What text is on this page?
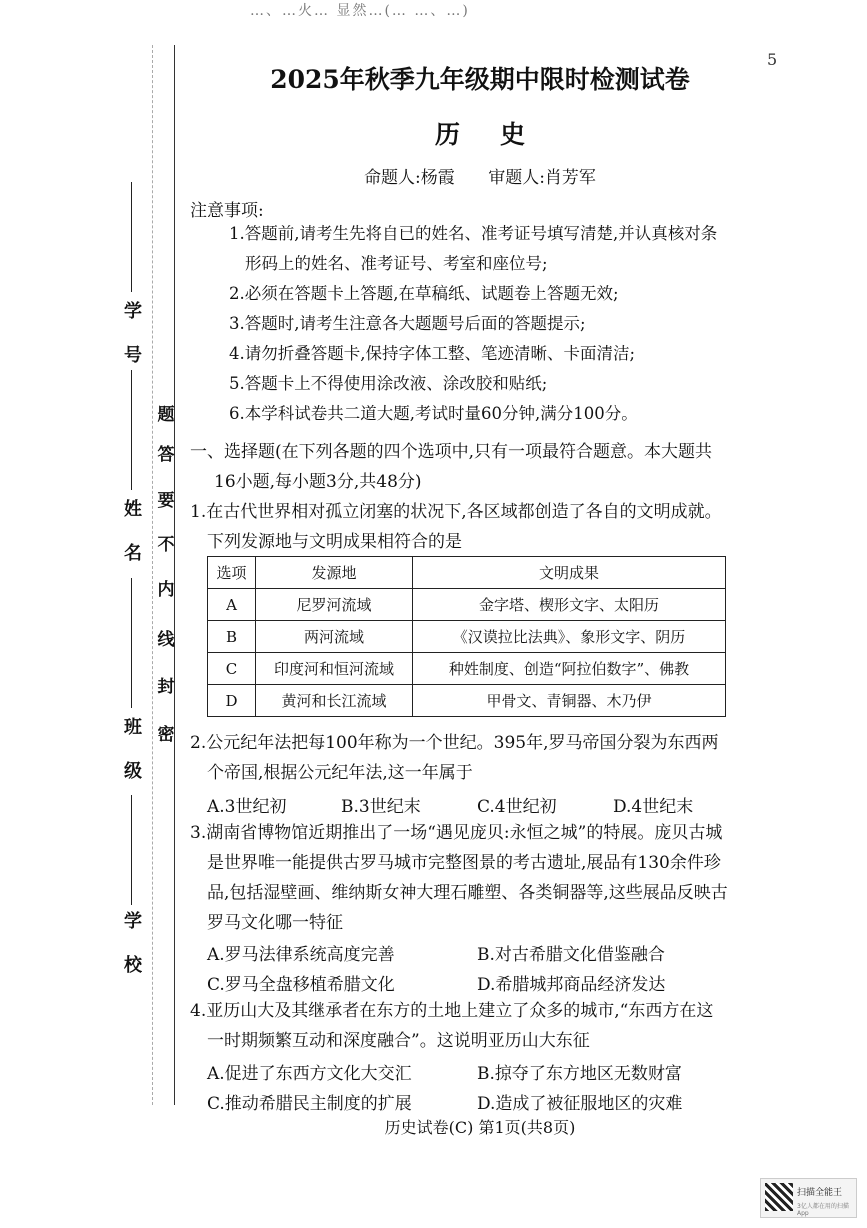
…、…火… 显然…(… …、…)
5
学
号
姓
名
班
级
学
校
题
答
要
不
内
线
封
密
2025年秋季九年级期中限时检测试卷
历史
命题人:杨霞 审题人:肖芳军
注意事项:
1.答题前,请考生先将自已的姓名、准考证号填写清楚,并认真核对条
形码上的姓名、准考证号、考室和座位号;
2.必须在答题卡上答题,在草稿纸、试题卷上答题无效;
3.答题时,请考生注意各大题题号后面的答题提示;
4.请勿折叠答题卡,保持字体工整、笔迹清晰、卡面清洁;
5.答题卡上不得使用涂改液、涂改胶和贴纸;
6.本学科试卷共二道大题,考试时量60分钟,满分100分。
一、选择题(在下列各题的四个选项中,只有一项最符合题意。本大题共
16小题,每小题3分,共48分)
1.在古代世界相对孤立闭塞的状况下,各区域都创造了各自的文明成就。
下列发源地与文明成果相符合的是
选项	发源地	文明成果
A	尼罗河流域	金字塔、楔形文字、太阳历
B	两河流域	《汉谟拉比法典》、象形文字、阴历
C	印度河和恒河流域	种姓制度、创造“阿拉伯数字”、佛教
D	黄河和长江流域	甲骨文、青铜器、木乃伊
2.公元纪年法把每100年称为一个世纪。395年,罗马帝国分裂为东西两
个帝国,根据公元纪年法,这一年属于
A.3世纪初	B.3世纪末	C.4世纪初	D.4世纪末
3.湖南省博物馆近期推出了一场“遇见庞贝:永恒之城”的特展。庞贝古城
是世界唯一能提供古罗马城市完整图景的考古遗址,展品有130余件珍
品,包括湿壁画、维纳斯女神大理石雕塑、各类铜器等,这些展品反映古
罗马文化哪一特征
A.罗马法律系统高度完善	B.对古希腊文化借鉴融合
C.罗马全盘移植希腊文化	D.希腊城邦商品经济发达
4.亚历山大及其继承者在东方的土地上建立了众多的城市,“东西方在这
一时期频繁互动和深度融合”。这说明亚历山大东征
A.促进了东西方文化大交汇	B.掠夺了东方地区无数财富
C.推动希腊民主制度的扩展	D.造成了被征服地区的灾难
历史试卷(C) 第1页(共8页)
扫描全能王
3亿人都在用的扫描App
